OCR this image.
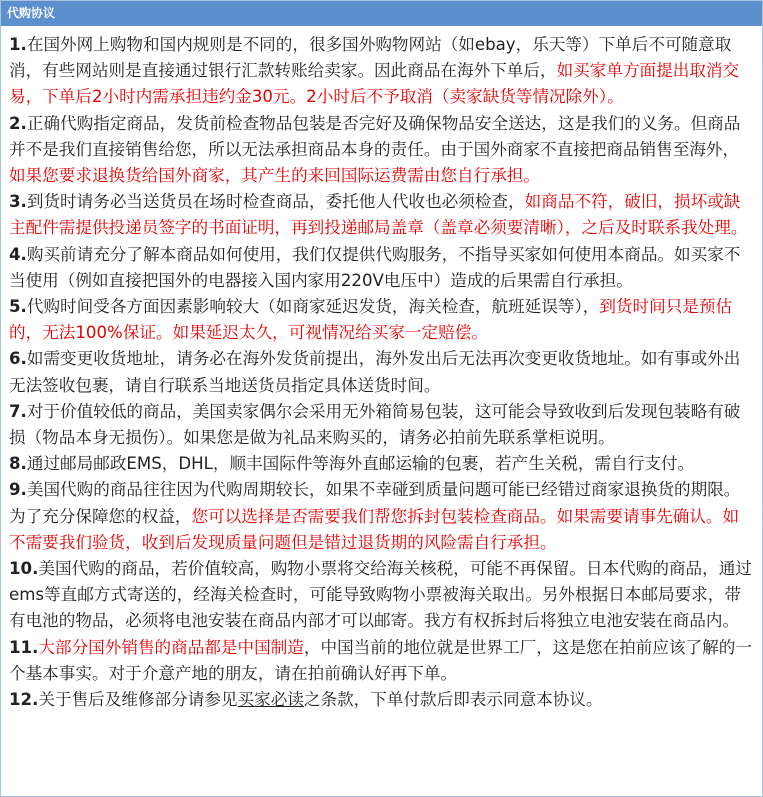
代购协议

1.在国外网上购物和国内规则是不同的，很多国外购物网站（如ebay，乐天等）下单后不可随意取消，有些网站则是直接通过银行汇款转账给卖家。因此商品在海外下单后，如买家单方面提出取消交易，下单后2小时内需承担违约金30元。2小时后不予取消（卖家缺货等情况除外）。

2.正确代购指定商品，发货前检查物品包装是否完好及确保物品安全送达，这是我们的义务。但商品并不是我们直接销售给您，所以无法承担商品本身的责任。由于国外商家不直接把商品销售至海外，如果您要求退换货给国外商家，其产生的来回国际运费需由您自行承担。

3.到货时请务必当送货员在场时检查商品，委托他人代收也必须检查，如商品不符，破旧，损坏或缺主配件需提供投递员签字的书面证明，再到投递邮局盖章（盖章必须要清晰），之后及时联系我处理。

4.购买前请充分了解本商品如何使用，我们仅提供代购服务，不指导买家如何使用本商品。如买家不当使用（例如直接把国外的电器接入国内家用220V电压中）造成的后果需自行承担。

5.代购时间受各方面因素影响较大（如商家延迟发货，海关检查，航班延误等），到货时间只是预估的，无法100%保证。如果延迟太久，可视情况给买家一定赔偿。

6.如需变更收货地址，请务必在海外发货前提出，海外发出后无法再次变更收货地址。如有事或外出无法签收包裹，请自行联系当地送货员指定具体送货时间。

7.对于价值较低的商品，美国卖家偶尔会采用无外箱简易包装，这可能会导致收到后发现包装略有破损（物品本身无损伤）。如果您是做为礼品来购买的，请务必拍前先联系掌柜说明。

8.通过邮局邮政EMS，DHL，顺丰国际件等海外直邮运输的包裹，若产生关税，需自行支付。

9.美国代购的商品往往因为代购周期较长，如果不幸碰到质量问题可能已经错过商家退换货的期限。为了充分保障您的权益，您可以选择是否需要我们帮您拆封包装检查商品。如果需要请事先确认。如不需要我们验货，收到后发现质量问题但是错过退货期的风险需自行承担。

10.美国代购的商品，若价值较高，购物小票将交给海关核税，可能不再保留。日本代购的商品，通过ems等直邮方式寄送的，经海关检查时，可能导致购物小票被海关取出。另外根据日本邮局要求，带有电池的物品，必须将电池安装在商品内部才可以邮寄。我方有权拆封后将独立电池安装在商品内。

11.大部分国外销售的商品都是中国制造，中国当前的地位就是世界工厂，这是您在拍前应该了解的一个基本事实。对于介意产地的朋友，请在拍前确认好再下单。

12.关于售后及维修部分请参见买家必读之条款，下单付款后即表示同意本协议。
